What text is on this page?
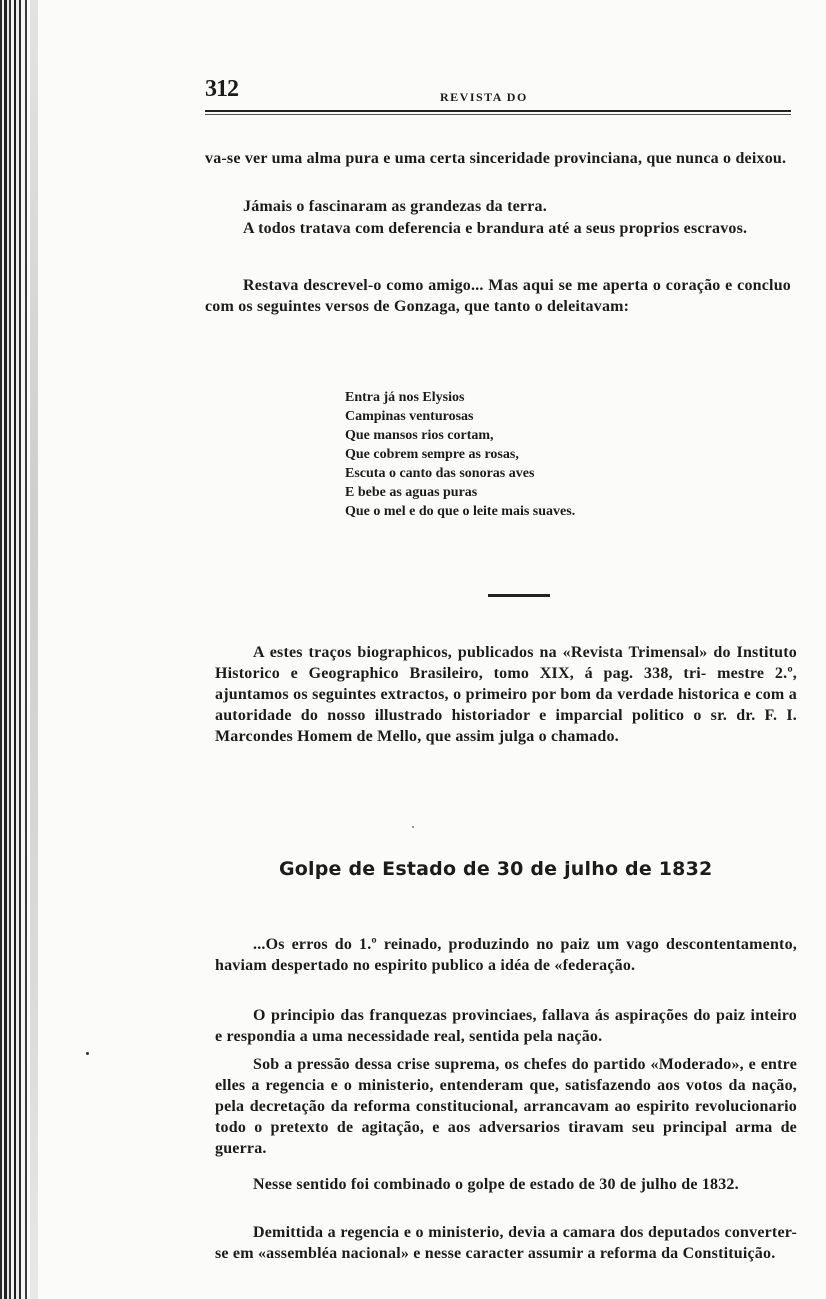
312	REVISTA DO

va-se ver uma alma pura e uma certa sinceridade provinciana, que nunca o deixou.

Jámais o fascinaram as grandezas da terra.

A todos tratava com deferencia e brandura até a seus proprios escravos.

Restava descrevel-o como amigo... Mas aqui se me aperta o coração e concluo com os seguintes versos de Gonzaga, que tanto o deleitavam:

Entra já nos Elysios
Campinas venturosas
Que mansos rios cortam,
Que cobrem sempre as rosas,
Escuta o canto das sonoras aves
E bebe as aguas puras
Que o mel e do que o leite mais suaves.

A estes traços biographicos, publicados na «Revista Trimensal» do Instituto Historico e Geographico Brasileiro, tomo XIX, á pag. 338, tri- mestre 2.º, ajuntamos os seguintes extractos, o primeiro por bom da verdade historica e com a autoridade do nosso illustrado historiador e imparcial politico o sr. dr. F. I. Marcondes Homem de Mello, que assim julga o chamado.

Golpe de Estado de 30 de julho de 1832

...Os erros do 1.º reinado, produzindo no paiz um vago descontentamento, haviam despertado no espirito publico a idéa de «federação.

O principio das franquezas provinciaes, fallava ás aspirações do paiz inteiro e respondia a uma necessidade real, sentida pela nação.

Sob a pressão dessa crise suprema, os chefes do partido «Moderado», e entre elles a regencia e o ministerio, entenderam que, satisfazendo aos votos da nação, pela decretação da reforma constitucional, arrancavam ao espirito revolucionario todo o pretexto de agitação, e aos adversarios tiravam seu principal arma de guerra.

Nesse sentido foi combinado o golpe de estado de 30 de julho de 1832.

Demittida a regencia e o ministerio, devia a camara dos deputados converter-se em «assembléa nacional» e nesse caracter assumir a reforma da Constituição.
